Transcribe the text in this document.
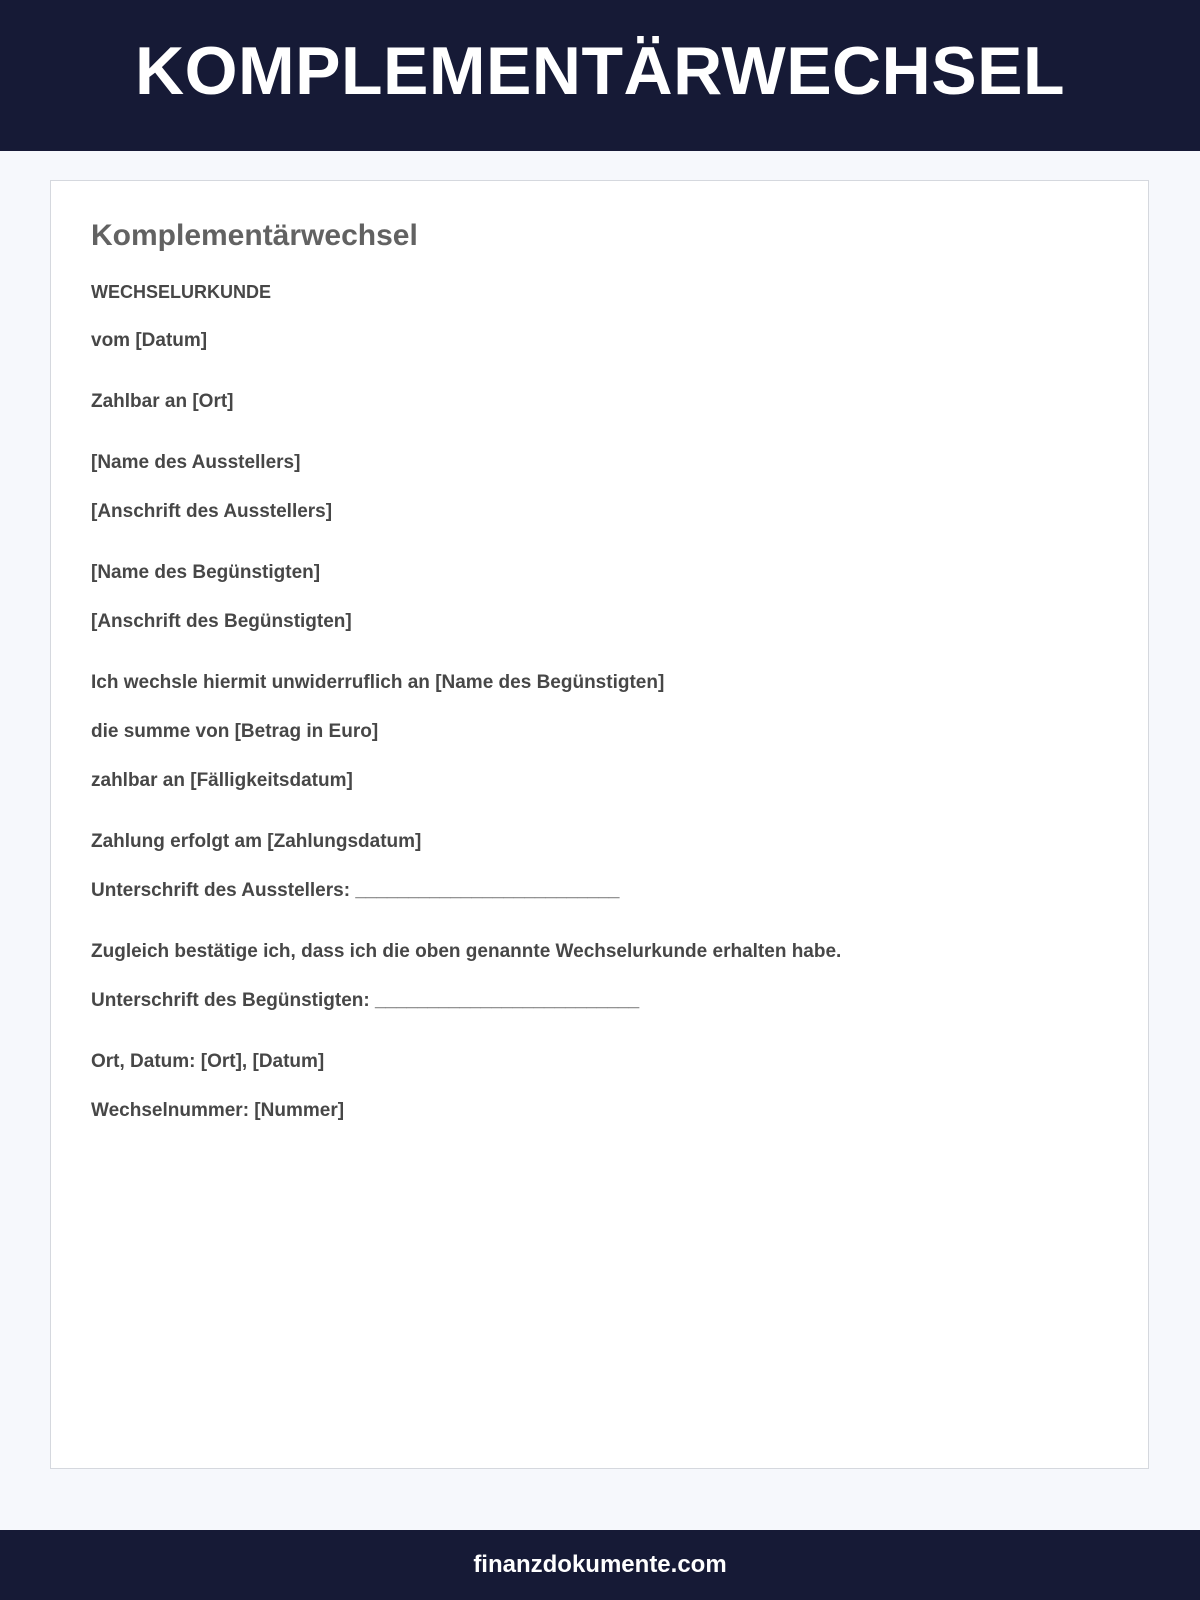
KOMPLEMENTÄRWECHSEL
Komplementärwechsel
WECHSELURKUNDE
vom [Datum]
Zahlbar an [Ort]
[Name des Ausstellers]
[Anschrift des Ausstellers]
[Name des Begünstigten]
[Anschrift des Begünstigten]
Ich wechsle hiermit unwiderruflich an [Name des Begünstigten]
die summe von [Betrag in Euro]
zahlbar an [Fälligkeitsdatum]
Zahlung erfolgt am [Zahlungsdatum]
Unterschrift des Ausstellers: _________________________
Zugleich bestätige ich, dass ich die oben genannte Wechselurkunde erhalten habe.
Unterschrift des Begünstigten: _________________________
Ort, Datum: [Ort], [Datum]
Wechselnummer: [Nummer]
finanzdokumente.com
